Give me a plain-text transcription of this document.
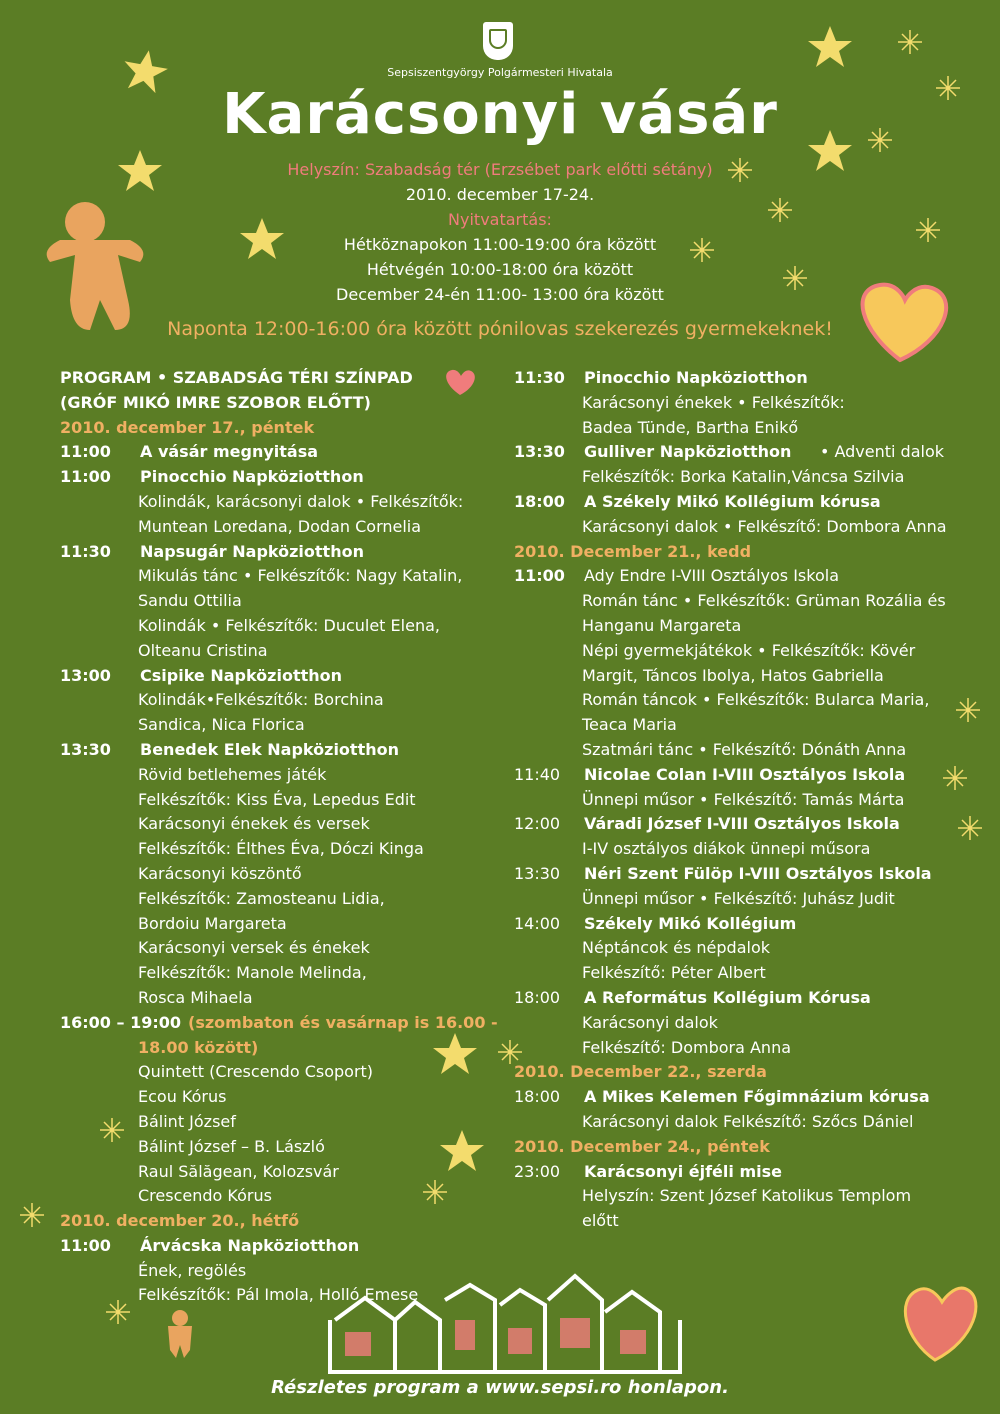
Sepsiszentgyörgy Polgármesteri Hivatala
Karácsonyi vásár
Helyszín: Szabadság tér (Erzsébet park előtti sétány)
2010. december 17-24.
Nyitvatartás:
Hétköznapokon 11:00-19:00 óra között
Hétvégén 10:00-18:00 óra között
December 24-én 11:00- 13:00 óra között
Naponta 12:00-16:00 óra között pónilovas szekerezés gyermekeknek!
PROGRAM • SZABADSÁG TÉRI SZÍNPAD
(GRÓF MIKÓ IMRE SZOBOR ELŐTT)
2010. december 17., péntek
11:00 A vásár megnyitása
11:00 Pinocchio Napköziotthon
Kolindák, karácsonyi dalok • Felkészítők:
Muntean Loredana, Dodan Cornelia
11:30 Napsugár Napköziotthon
Mikulás tánc • Felkészítők: Nagy Katalin,
Sandu Ottilia
Kolindák • Felkészítők: Duculet Elena,
Olteanu Cristina
13:00 Csipike Napköziotthon
Kolindák•Felkészítők: Borchina
Sandica, Nica Florica
13:30 Benedek Elek Napköziotthon
Rövid betlehemes játék
Felkészítők: Kiss Éva, Lepedus Edit
Karácsonyi énekek és versek
Felkészítők: Élthes Éva, Dóczi Kinga
Karácsonyi köszöntő
Felkészítők: Zamosteanu Lidia,
Bordoiu Margareta
Karácsonyi versek és énekek
Felkészítők: Manole Melinda,
Rosca Mihaela
16:00 – 19:00 (szombaton és vasárnap is 16.00 -
18.00 között)
Quintett (Crescendo Csoport)
Ecou Kórus
Bálint József
Bálint József – B. László
Raul Sălăgean, Kolozsvár
Crescendo Kórus
2010. december 20., hétfő
11:00 Árvácska Napköziotthon
Ének, regölés
Felkészítők: Pál Imola, Holló Emese
11:30 Pinocchio Napköziotthon
Karácsonyi énekek • Felkészítők:
Badea Tünde, Bartha Enikő
13:30 Gulliver Napköziotthon • Adventi dalok
Felkészítők: Borka Katalin,Váncsa Szilvia
18:00 A Székely Mikó Kollégium kórusa
Karácsonyi dalok • Felkészítő: Dombora Anna
2010. December 21., kedd
11:00 Ady Endre I-VIII Osztályos Iskola
Román tánc • Felkészítők: Grüman Rozália és
Hanganu Margareta
Népi gyermekjátékok • Felkészítők: Kövér
Margit, Táncos Ibolya, Hatos Gabriella
Román táncok • Felkészítők: Bularca Maria,
Teaca Maria
Szatmári tánc • Felkészítő: Dónáth Anna
11:40 Nicolae Colan I-VIII Osztályos Iskola
Ünnepi műsor • Felkészítő: Tamás Márta
12:00 Váradi József I-VIII Osztályos Iskola
I-IV osztályos diákok ünnepi műsora
13:30 Néri Szent Fülöp I-VIII Osztályos Iskola
Ünnepi műsor • Felkészítő: Juhász Judit
14:00 Székely Mikó Kollégium
Néptáncok és népdalok
Felkészítő: Péter Albert
18:00 A Református Kollégium Kórusa
Karácsonyi dalok
Felkészítő: Dombora Anna
2010. December 22., szerda
18:00 A Mikes Kelemen Főgimnázium kórusa
Karácsonyi dalok Felkészítő: Szőcs Dániel
2010. December 24., péntek
23:00 Karácsonyi éjféli mise
Helyszín: Szent József Katolikus Templom
előtt
Részletes program a www.sepsi.ro honlapon.
